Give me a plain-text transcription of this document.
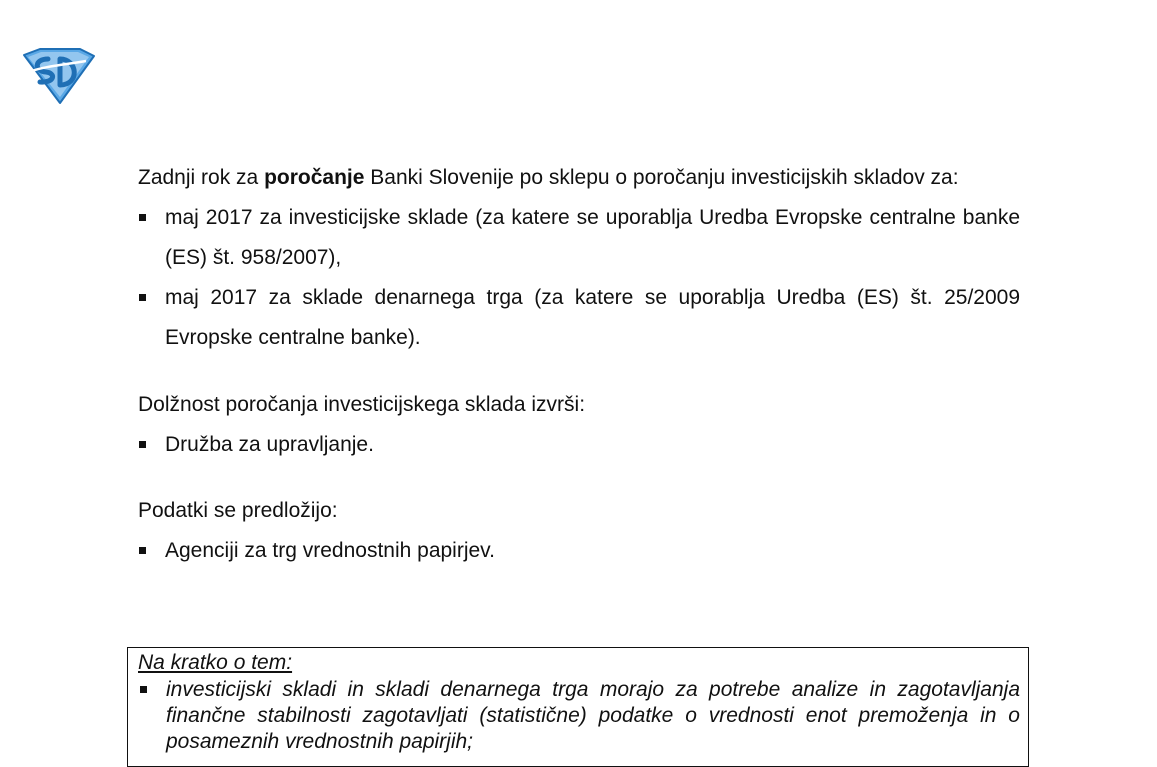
Zadnji rok za poročanje Banki Slovenije po sklepu o poročanju investicijskih skladov za:

maj 2017 za investicijske sklade (za katere se uporablja Uredba Evropske centralne banke (ES) št. 958/2007),
maj 2017 za sklade denarnega trga (za katere se uporablja Uredba (ES) št. 25/2009 Evropske centralne banke).

Dolžnost poročanja investicijskega sklada izvrši:

Družba za upravljanje.

Podatki se predložijo:

Agenciji za trg vrednostnih papirjev.
Na kratko o tem:
investicijski skladi in skladi denarnega trga morajo za potrebe analize in zagotavljanja finančne stabilnosti zagotavljati (statistične) podatke o vrednosti enot premoženja in o posameznih vrednostnih papirjih;
